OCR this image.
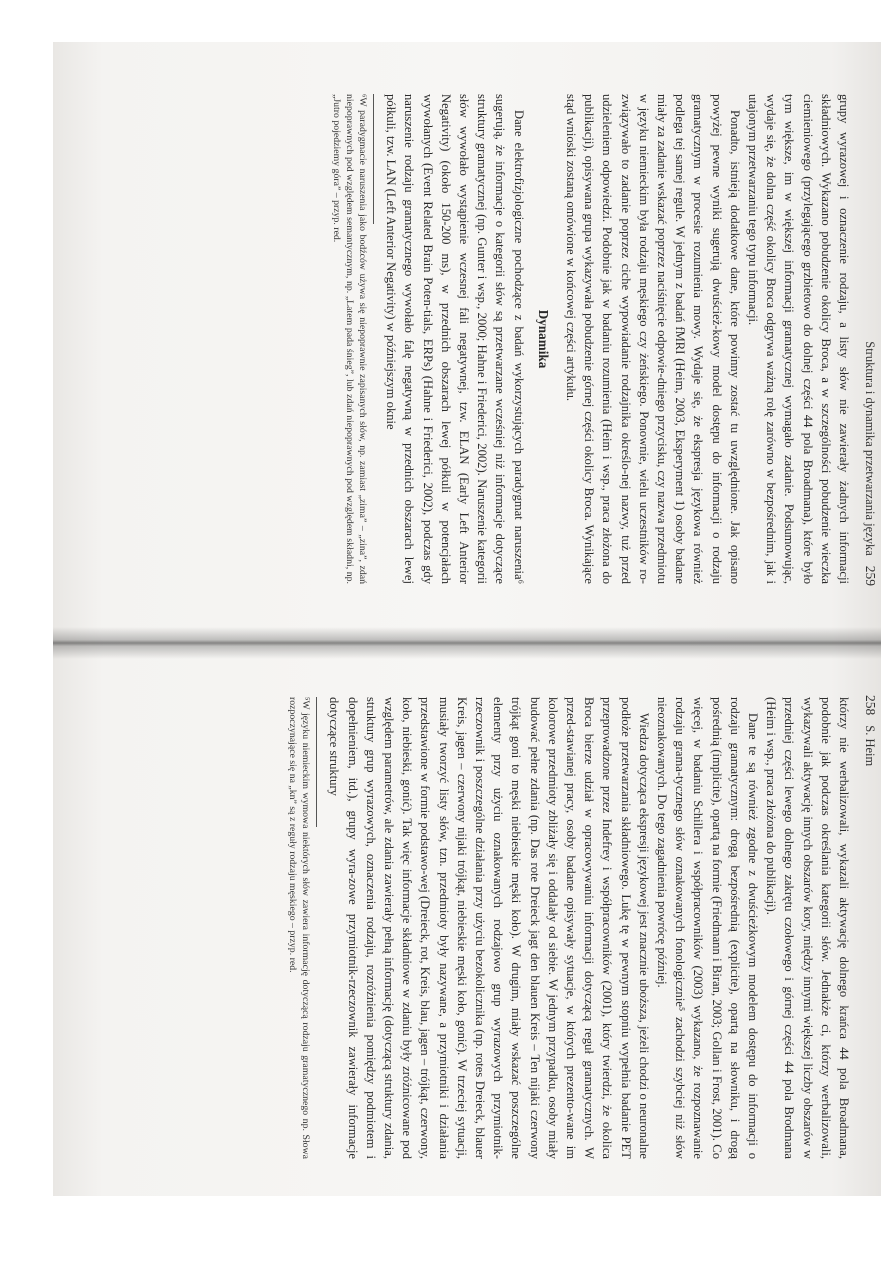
Struktura i dynamika przetwarzania języka
259

grupy wyrazowej i oznaczenie rodzaju, a listy słów nie zawierały żadnych informacji składniowych. Wykazano pobudzenie okolicy Broca, a w szczególności pobudzenie wieczka ciemieniowego (przylegającego grzbietowo do dolnej części 44 pola Broadmana), które było tym większe, im w większej informacji gramatycznej wymagało zadanie. Podsumowując, wydaje się, że dolna część okolicy Broca odgrywa ważną rolę zarówno w bezpośrednim, jak i utajonym przetwarzaniu tego typu informacji.

Ponadto, istnieją dodatkowe dane, które powinny zostać tu uwzględnione. Jak opisano powyżej pewne wyniki sugerują dwuścież-kowy model dostępu do informacji o rodzaju gramatycznym w procesie rozumienia mowy. Wydaje się, że ekspresja językowa również podlega tej samej regule. W jednym z badań fMRI (Heim, 2003, Eksperyment 1) osoby badane miały za zadanie wskazać poprzez naciśnięcie odpowie-dniego przycisku, czy nazwa przedmiotu w języku niemieckim była rodzaju męskiego czy żeńskiego. Ponownie, wielu uczestników ro-związywało to zadanie poprzez ciche wypowiadanie rodzajnika określo-nej nazwy, tuż przed udzieleniem odpowiedzi. Podobnie jak w badaniu rozumienia (Heim i wsp., praca złożona do publikacji), opisywana grupa wykazywała pobudzenie górnej części okolicy Broca. Wynikające stąd wnioski zostaną omówione w końcowej części artykułu.

Dynamika

Dane elektrofizjologiczne pochodzące z badań wykorzystujących paradygmat naruszenia⁶ sugerują, że informacje o kategorii słów są przetwarzane wcześniej niż informacje dotyczące struktury gramatycznej (np. Gunter i wsp., 2000; Hahne i Friederici, 2002). Naruszenie kategorii słów wywołało wystąpienie wczesnej fali negatywnej, tzw. ELAN (Early Left Anterior Negativity) (około 150-200 ms), w przednich obszarach lewej półkuli w potencjałach wywołanych (Event Related Brain Poten-tials, ERPs) (Hahne i Friederici, 2002), podczas gdy naruszenie rodzaju gramatycznego wywołało falę negatywną w przednich obszarach lewej półkuli, tzw. LAN (Left Anterior Negativity) w późniejszym oknie

⁶W paradygmacie naruszenia jako bodźców używa się niepoprawnie zapisanych słów, np. zamiast „zima” – „zina”, zdań niepoprawnych pod względem semantycznym, np. „Latem pada śnieg”, lub zdań niepoprawnych pod względem składni, np. „Jutro pojedziemy góra” – przyp. red.
258
S. Heim

którzy nie werbalizowali, wykazali aktywację dolnego krańca 44 pola Broadmana, podobnie jak podczas określania kategorii słów. Jednakże ci, którzy werbalizowali, wykazywali aktywację innych obszarów kory, między innymi większej liczby obszarów w przedniej części lewego dolnego zakrętu czołowego i górnej części 44 pola Brodmana (Heim i wsp., praca złożona do publikacji).

Dane te są również zgodne z dwuścieżkowym modelem dostępu do informacji o rodzaju gramatycznym: drogą bezpośrednią (explicite), opartą na słowniku, i drogą pośrednią (implicite), opartą na formie (Friedmann i Biran, 2003; Gollan i Frost, 2001). Co więcej, w badaniu Schillera i współpracowników (2003) wykazano, że rozpoznawanie rodzaju grama-tycznego słów oznakowanych fonologicznie⁵ zachodzi szybciej niż słów nieoznakowanych. Do tego zagadnienia powrócę później.

Wiedza dotycząca ekspresji językowej jest znacznie uboższa, jeżeli chodzi o neuronalne podłoże przetwarzania składniowego. Lukę tę w pewnym stopniu wypełnia badanie PET przeprowadzone przez Indefrey i współpracowników (2001), który twierdzi, że okolica Broca bierze udział w opracowywaniu informacji dotyczącą reguł gramatycznych. W przed-stawianej pracy, osoby badane opisywały sytuacje, w których prezento-wane im kolorowe przedmioty zbliżały się i oddalały od siebie. W jednym przypadku, osoby miały budować pełne zdania (np. Das rote Dreieck jagt den blauen Kreis – Ten nijaki czerwony trójkąt goni to męski niebieskie męski koło). W drugim, miały wskazać poszczególne elementy przy użyciu oznakowanych rodzajowo grup wyrazowych przymiotnik-rzeczownik i poszczególne działania przy użyciu bezokolicznika (np. rotes Dreieck, blauer Kreis, jagen – czerwony nijaki trójkąt, niebieskie męski koło, gonić). W trzeciej sytuacji, musiały tworzyć listy słów, tzn. przedmioty były nazywane, a przymiotniki i działania przedstawione w formie podstawo-wej (Dreieck, rot, Kreis, blau, jagen – trójkąt, czerwony, koło, niebieski, gonić). Tak więc informacje składniowe w zdaniu były zróżnicowane pod względem parametrów, ale zdania zawierały pełną informację (dotyczącą struktury zdania, struktury grup wyrazowych, oznaczenia rodzaju, rozróżnienia pomiędzy podmiotem i dopełnieniem, itd.), grupy wyra-zowe przymiotnik-rzeczownik zawierały informacje dotyczące struktury

⁵W języku niemieckim wymowa niektórych słów zawiera informację dotyczącą rodzaju gramatycznego np. Słowa rozpoczynające się na „kn” są z reguły rodzaju męskiego – przyp. red.
